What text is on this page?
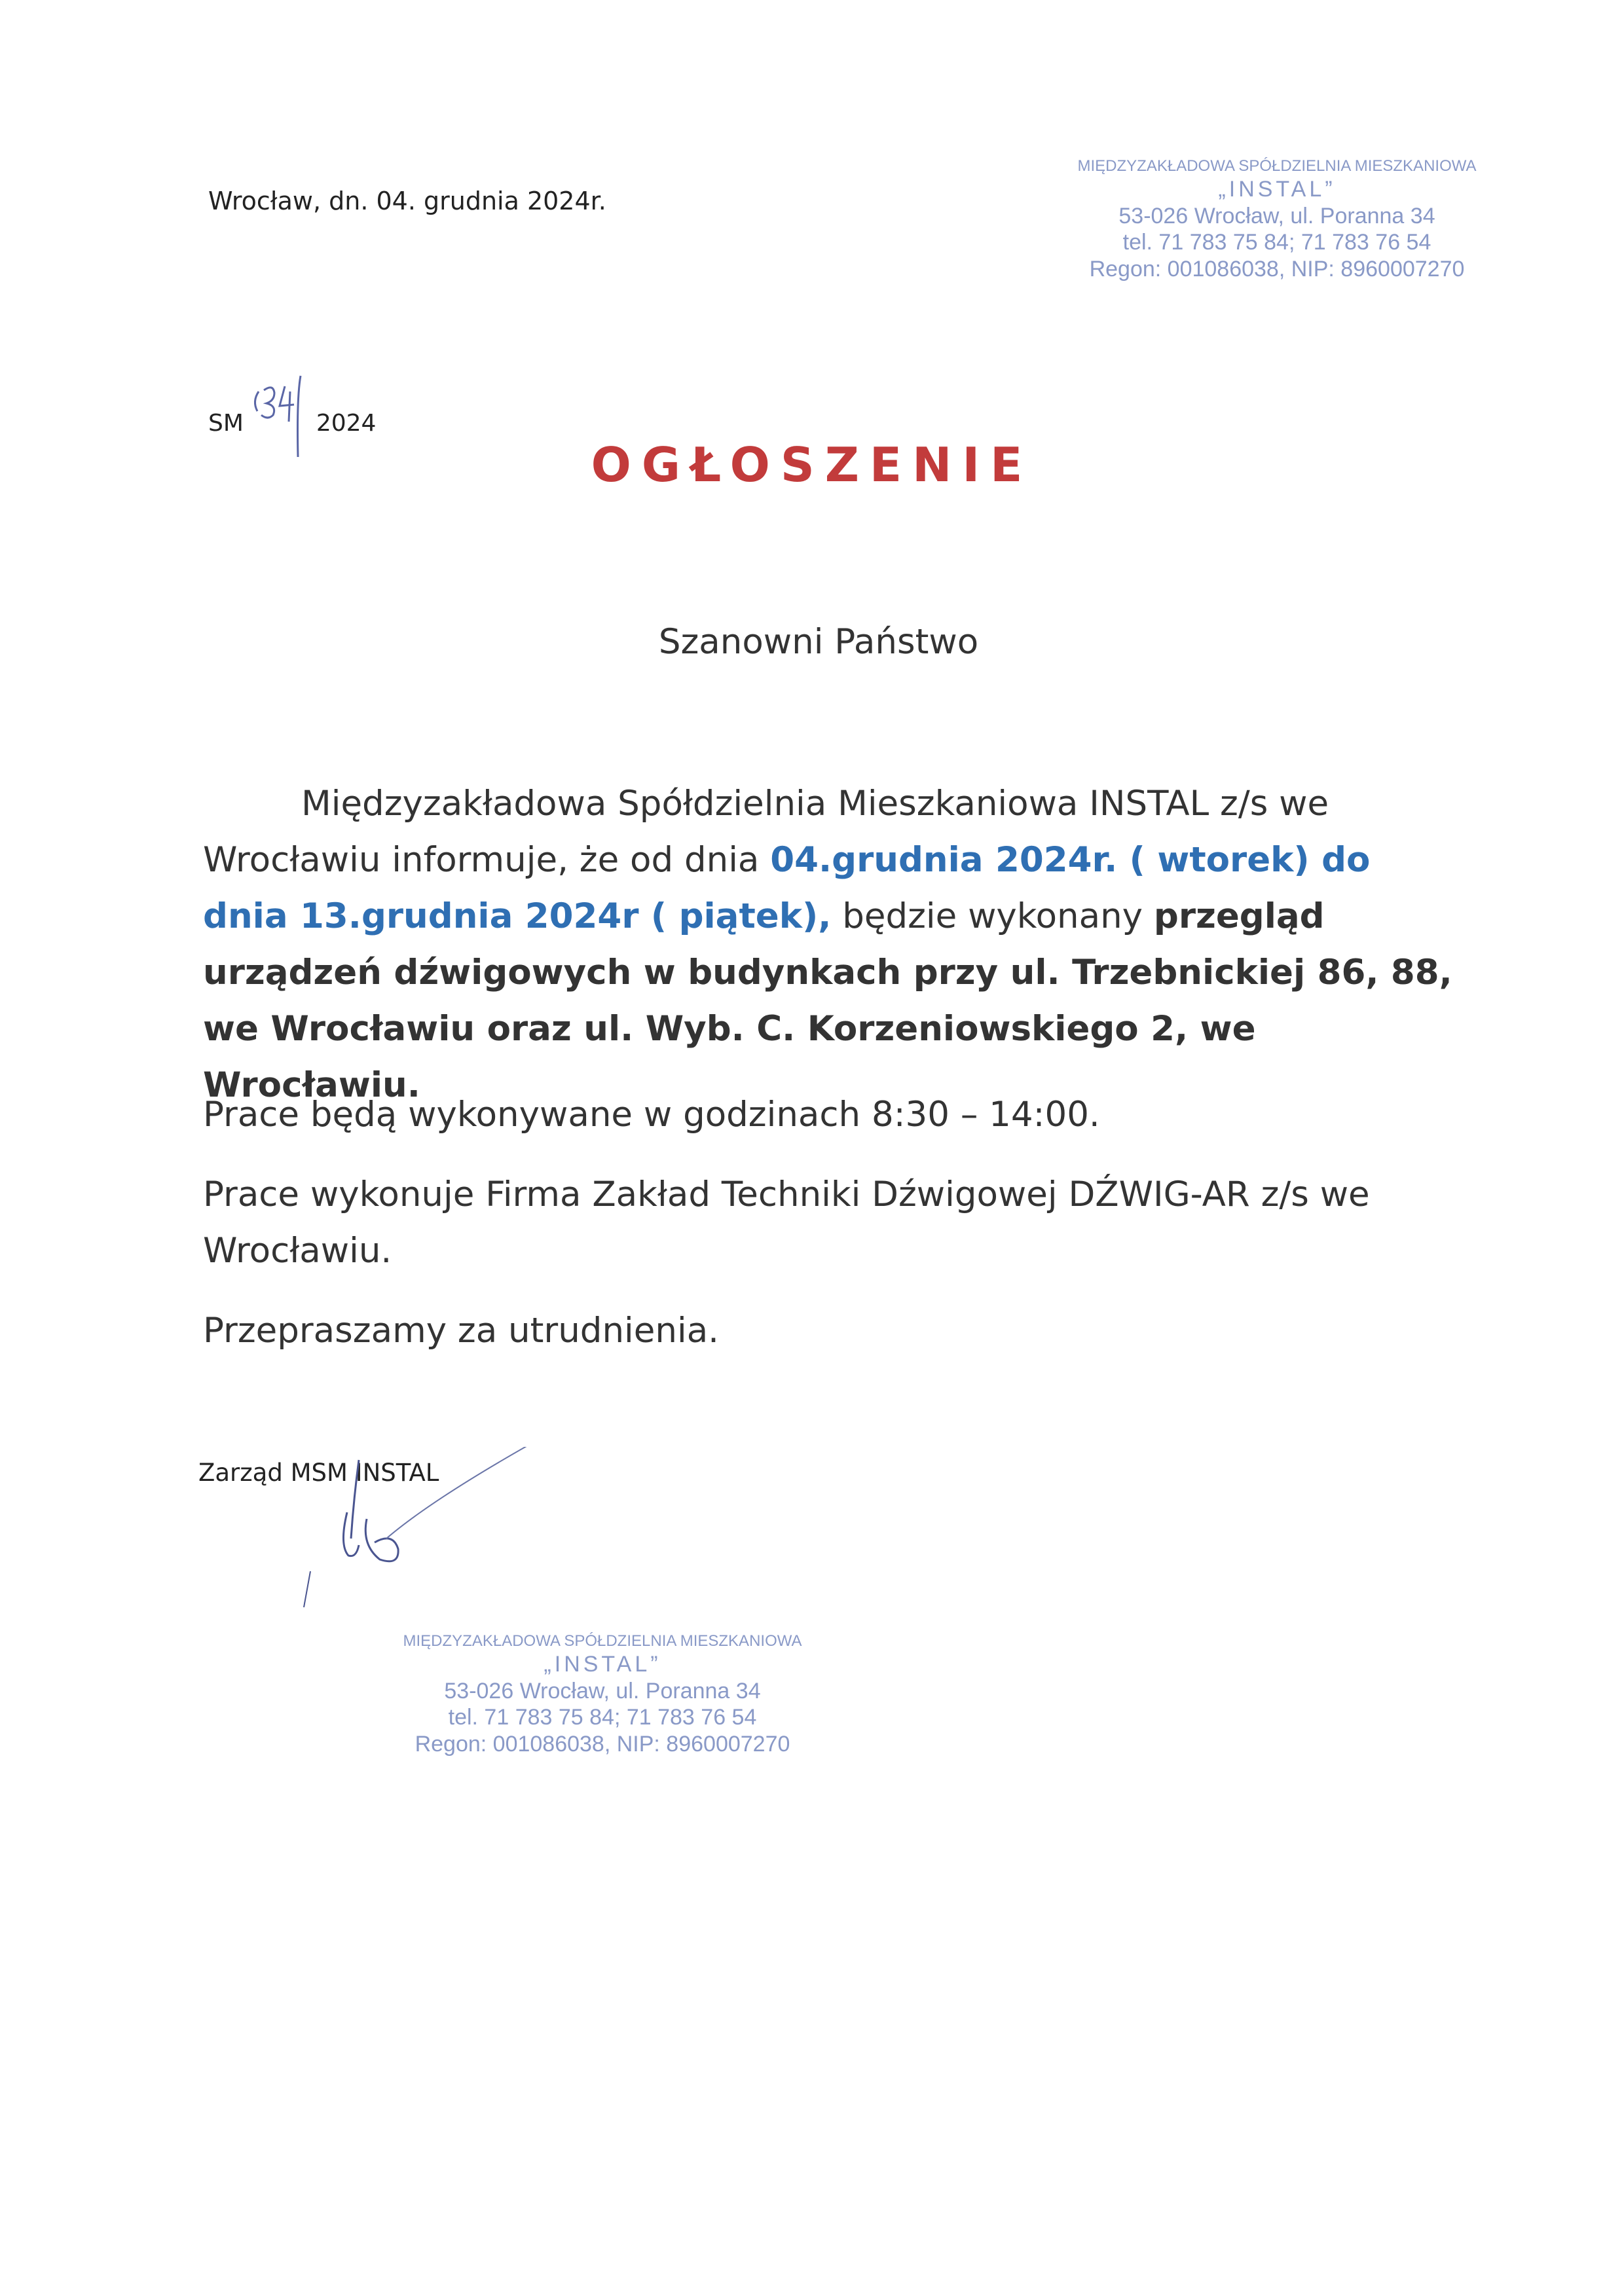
Wrocław, dn. 04. grudnia 2024r.
MIĘDZYZAKŁADOWA SPÓŁDZIELNIA MIESZKANIOWA
„INSTAL”
53-026 Wrocław, ul. Poranna 34
tel. 71 783 75 84; 71 783 76 54
Regon: 001086038, NIP: 8960007270
SM	2024
OGŁOSZENIE
Szanowni Państwo
Międzyzakładowa Spółdzielnia Mieszkaniowa INSTAL z/s we Wrocławiu informuje, że od dnia 04.grudnia 2024r. ( wtorek) do dnia 13.grudnia 2024r ( piątek), będzie wykonany przegląd urządzeń dźwigowych w budynkach przy ul. Trzebnickiej 86, 88, we Wrocławiu oraz ul. Wyb. C. Korzeniowskiego 2, we Wrocławiu.
Prace będą wykonywane w godzinach 8:30 – 14:00.
Prace wykonuje Firma Zakład Techniki Dźwigowej DŹWIG-AR z/s we Wrocławiu.
Przepraszamy za utrudnienia.
Zarząd MSM INSTAL
MIĘDZYZAKŁADOWA SPÓŁDZIELNIA MIESZKANIOWA
„INSTAL”
53-026 Wrocław, ul. Poranna 34
tel. 71 783 75 84; 71 783 76 54
Regon: 001086038, NIP: 8960007270
